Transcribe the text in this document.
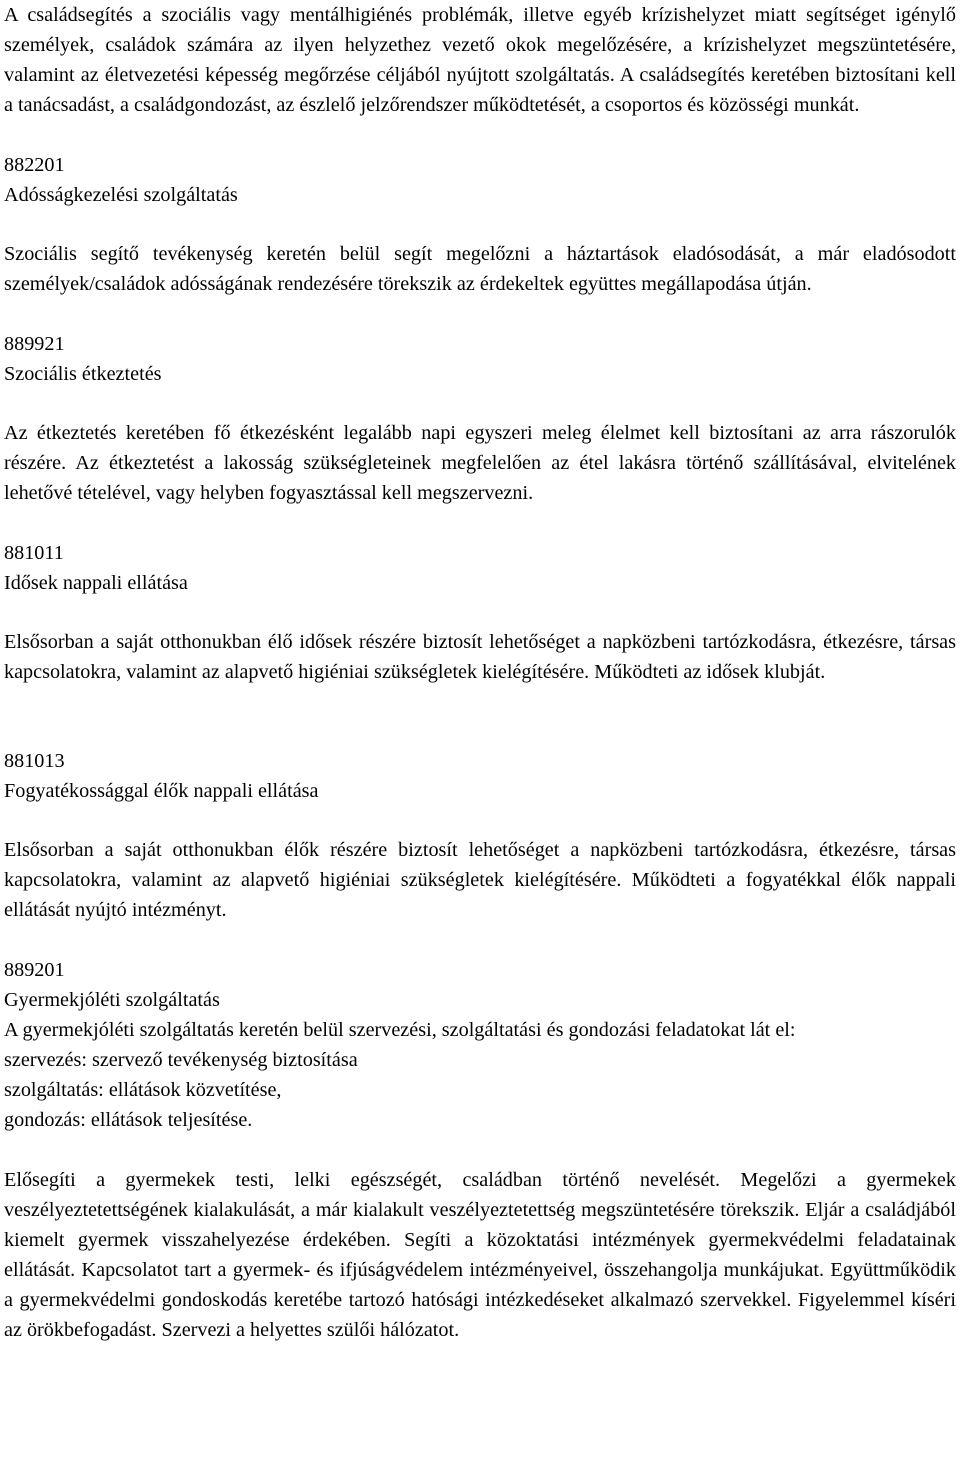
A családsegítés a szociális vagy mentálhigiénés problémák, illetve egyéb krízishelyzet miatt segítséget igénylő személyek, családok számára az ilyen helyzethez vezető okok megelőzésére, a krízishelyzet megszüntetésére, valamint az életvezetési képesség megőrzése céljából nyújtott szolgáltatás. A családsegítés keretében biztosítani kell a tanácsadást, a családgondozást, az észlelő jelzőrendszer működtetését, a csoportos és közösségi munkát.

882201
Adósságkezelési szolgáltatás

Szociális segítő tevékenység keretén belül segít megelőzni a háztartások eladósodását, a már eladósodott személyek/családok adósságának rendezésére törekszik az érdekeltek együttes megállapodása útján.

889921
Szociális étkeztetés

Az étkeztetés keretében fő étkezésként legalább napi egyszeri meleg élelmet kell biztosítani az arra rászorulók részére. Az étkeztetést a lakosság szükségleteinek megfelelően az étel lakásra történő szállításával, elvitelének lehetővé tételével, vagy helyben fogyasztással kell megszervezni.

881011
Idősek nappali ellátása

Elsősorban a saját otthonukban élő idősek részére biztosít lehetőséget a napközbeni tartózkodásra, étkezésre, társas kapcsolatokra, valamint az alapvető higiéniai szükségletek kielégítésére. Működteti az idősek klubját.

881013
Fogyatékossággal élők nappali ellátása

Elsősorban a saját otthonukban élők részére biztosít lehetőséget a napközbeni tartózkodásra, étkezésre, társas kapcsolatokra, valamint az alapvető higiéniai szükségletek kielégítésére. Működteti a fogyatékkal élők nappali ellátását nyújtó intézményt.

889201
Gyermekjóléti szolgáltatás

A gyermekjóléti szolgáltatás keretén belül szervezési, szolgáltatási és gondozási feladatokat lát el:

szervezés: szervező tevékenység biztosítása
szolgáltatás: ellátások közvetítése,
gondozás: ellátások teljesítése.

Elősegíti a gyermekek testi, lelki egészségét, családban történő nevelését. Megelőzi a gyermekek veszélyeztetettségének kialakulását, a már kialakult veszélyeztetettség megszüntetésére törekszik. Eljár a családjából kiemelt gyermek visszahelyezése érdekében. Segíti a közoktatási intézmények gyermekvédelmi feladatainak ellátását. Kapcsolatot tart a gyermek- és ifjúságvédelem intézményeivel, összehangolja munkájukat. Együttműködik a gyermekvédelmi gondoskodás keretébe tartozó hatósági intézkedéseket alkalmazó szervekkel. Figyelemmel kíséri az örökbefogadást. Szervezi a helyettes szülői hálózatot.
